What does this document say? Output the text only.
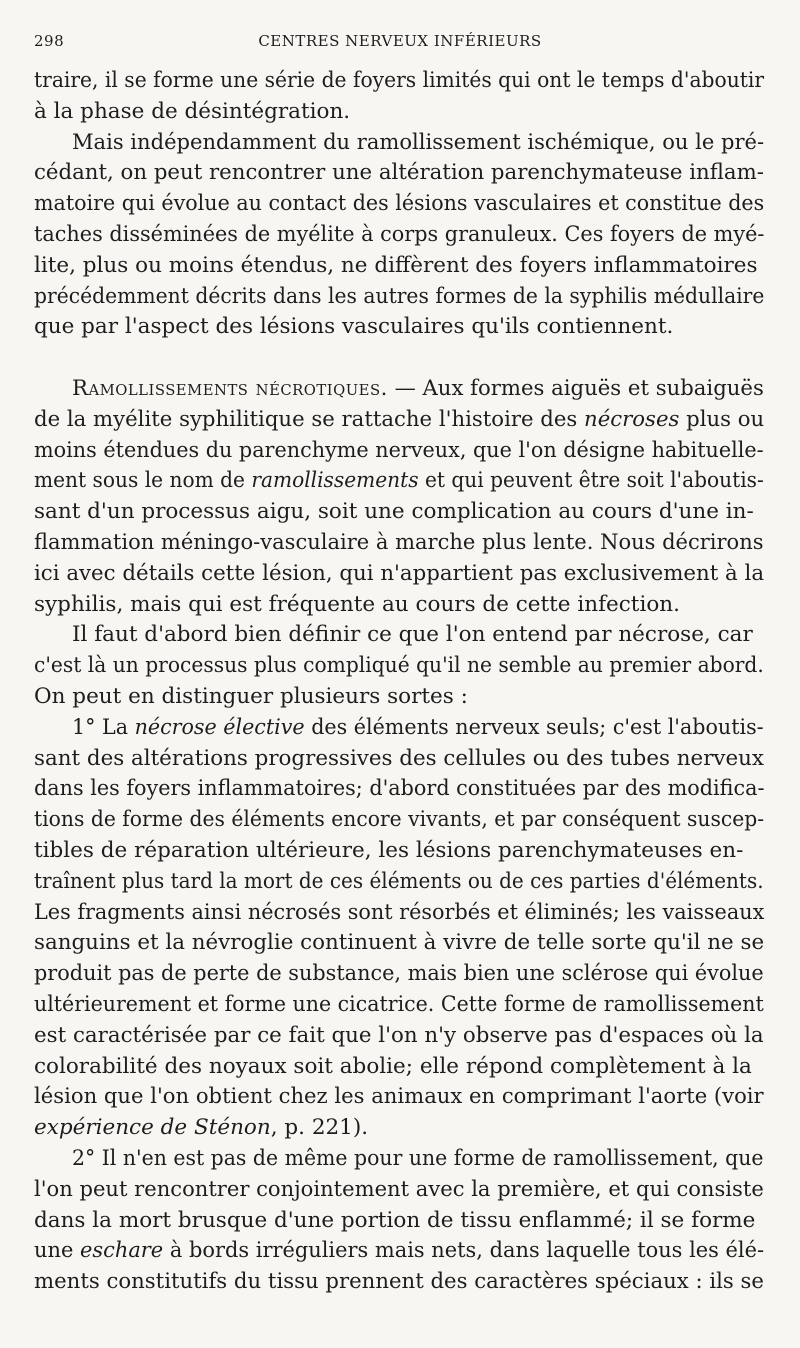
298	CENTRES NERVEUX INFÉRIEURS
traire, il se forme une série de foyers limités qui ont le temps d'aboutir
à la phase de désintégration.
Mais indépendamment du ramollissement ischémique, ou le pré-
cédant, on peut rencontrer une altération parenchymateuse inflam-
matoire qui évolue au contact des lésions vasculaires et constitue des
taches disséminées de myélite à corps granuleux. Ces foyers de myé-
lite, plus ou moins étendus, ne diffèrent des foyers inflammatoires
précédemment décrits dans les autres formes de la syphilis médullaire
que par l'aspect des lésions vasculaires qu'ils contiennent.
Ramollissements nécrotiques. — Aux formes aiguës et subaiguës
de la myélite syphilitique se rattache l'histoire des nécroses plus ou
moins étendues du parenchyme nerveux, que l'on désigne habituelle-
ment sous le nom de ramollissements et qui peuvent être soit l'aboutis-
sant d'un processus aigu, soit une complication au cours d'une in-
flammation méningo-vasculaire à marche plus lente. Nous décrirons
ici avec détails cette lésion, qui n'appartient pas exclusivement à la
syphilis, mais qui est fréquente au cours de cette infection.
Il faut d'abord bien définir ce que l'on entend par nécrose, car
c'est là un processus plus compliqué qu'il ne semble au premier abord.
On peut en distinguer plusieurs sortes :
1° La nécrose élective des éléments nerveux seuls; c'est l'aboutis-
sant des altérations progressives des cellules ou des tubes nerveux
dans les foyers inflammatoires; d'abord constituées par des modifica-
tions de forme des éléments encore vivants, et par conséquent suscep-
tibles de réparation ultérieure, les lésions parenchymateuses en-
traînent plus tard la mort de ces éléments ou de ces parties d'éléments.
Les fragments ainsi nécrosés sont résorbés et éliminés; les vaisseaux
sanguins et la névroglie continuent à vivre de telle sorte qu'il ne se
produit pas de perte de substance, mais bien une sclérose qui évolue
ultérieurement et forme une cicatrice. Cette forme de ramollissement
est caractérisée par ce fait que l'on n'y observe pas d'espaces où la
colorabilité des noyaux soit abolie; elle répond complètement à la
lésion que l'on obtient chez les animaux en comprimant l'aorte (voir
expérience de Sténon, p. 221).
2° Il n'en est pas de même pour une forme de ramollissement, que
l'on peut rencontrer conjointement avec la première, et qui consiste
dans la mort brusque d'une portion de tissu enflammé; il se forme
une eschare à bords irréguliers mais nets, dans laquelle tous les élé-
ments constitutifs du tissu prennent des caractères spéciaux : ils se
